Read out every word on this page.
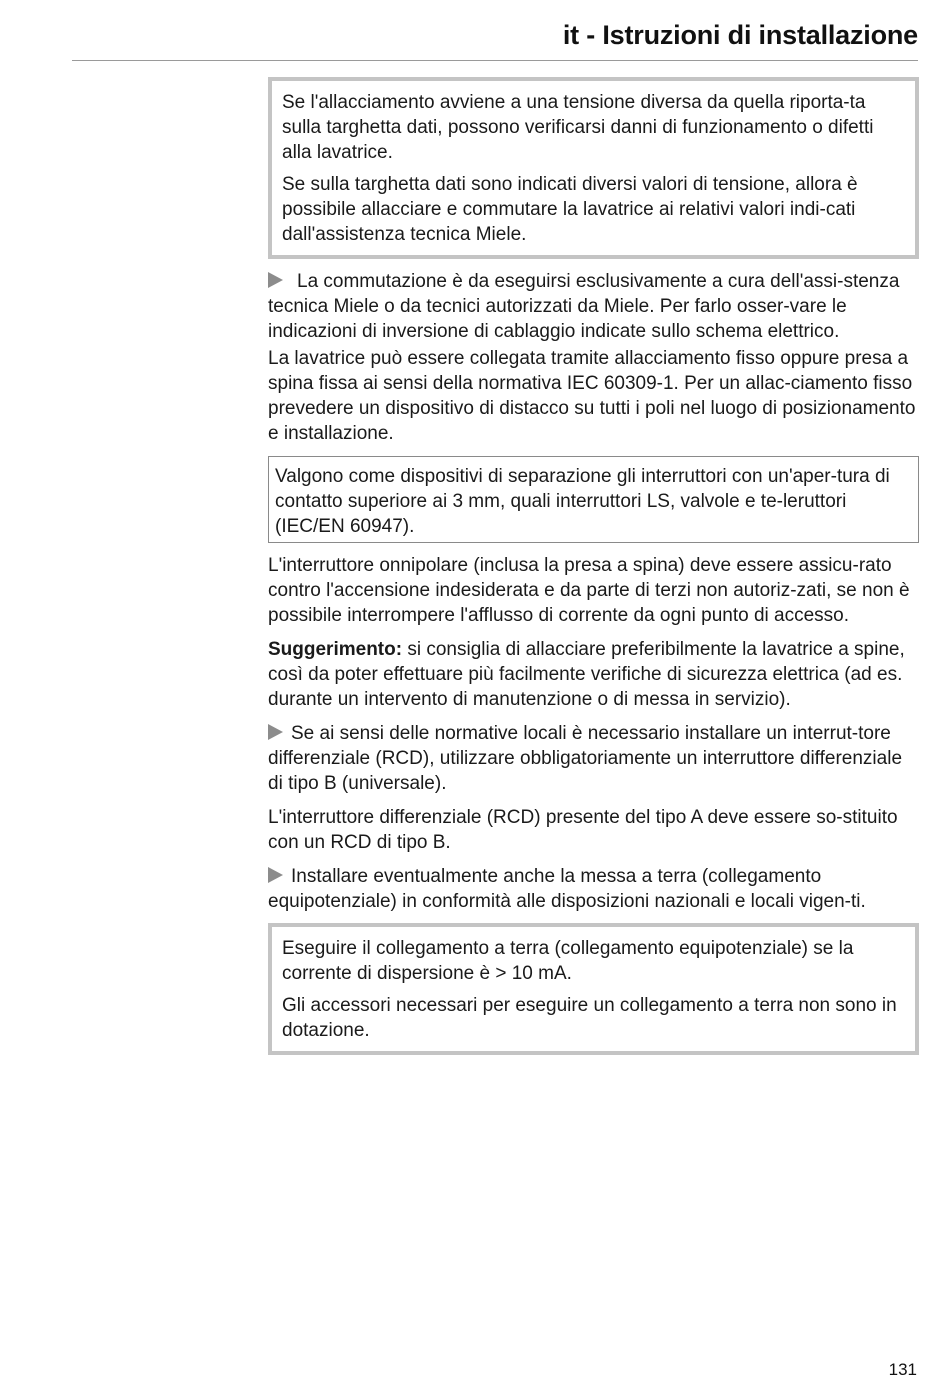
it - Istruzioni di installazione

Se l'allacciamento avviene a una tensione diversa da quella riporta-ta sulla targhetta dati, possono verificarsi danni di funzionamento o difetti alla lavatrice.

Se sulla targhetta dati sono indicati diversi valori di tensione, allora è possibile allacciare e commutare la lavatrice ai relativi valori indi-cati dall'assistenza tecnica Miele.

La commutazione è da eseguirsi esclusivamente a cura dell'assi-stenza tecnica Miele o da tecnici autorizzati da Miele. Per farlo osser-vare le indicazioni di inversione di cablaggio indicate sullo schema elettrico.

La lavatrice può essere collegata tramite allacciamento fisso oppure presa a spina fissa ai sensi della normativa IEC 60309-1. Per un allac-ciamento fisso prevedere un dispositivo di distacco su tutti i poli nel luogo di posizionamento e installazione.

Valgono come dispositivi di separazione gli interruttori con un'aper-tura di contatto superiore ai 3 mm, quali interruttori LS, valvole e te-leruttori (IEC/EN 60947).

L'interruttore onnipolare (inclusa la presa a spina) deve essere assicu-rato contro l'accensione indesiderata e da parte di terzi non autoriz-zati, se non è possibile interrompere l'afflusso di corrente da ogni punto di accesso.

Suggerimento: si consiglia di allacciare preferibilmente la lavatrice a spine, così da poter effettuare più facilmente verifiche di sicurezza elettrica (ad es. durante un intervento di manutenzione o di messa in servizio).

Se ai sensi delle normative locali è necessario installare un interrut-tore differenziale (RCD), utilizzare obbligatoriamente un interruttore differenziale di tipo B (universale).

L'interruttore differenziale (RCD) presente del tipo A deve essere so-stituito con un RCD di tipo B.

Installare eventualmente anche la messa a terra (collegamento equipotenziale) in conformità alle disposizioni nazionali e locali vigen-ti.

Eseguire il collegamento a terra (collegamento equipotenziale) se la corrente di dispersione è > 10 mA.

Gli accessori necessari per eseguire un collegamento a terra non sono in dotazione.

131
